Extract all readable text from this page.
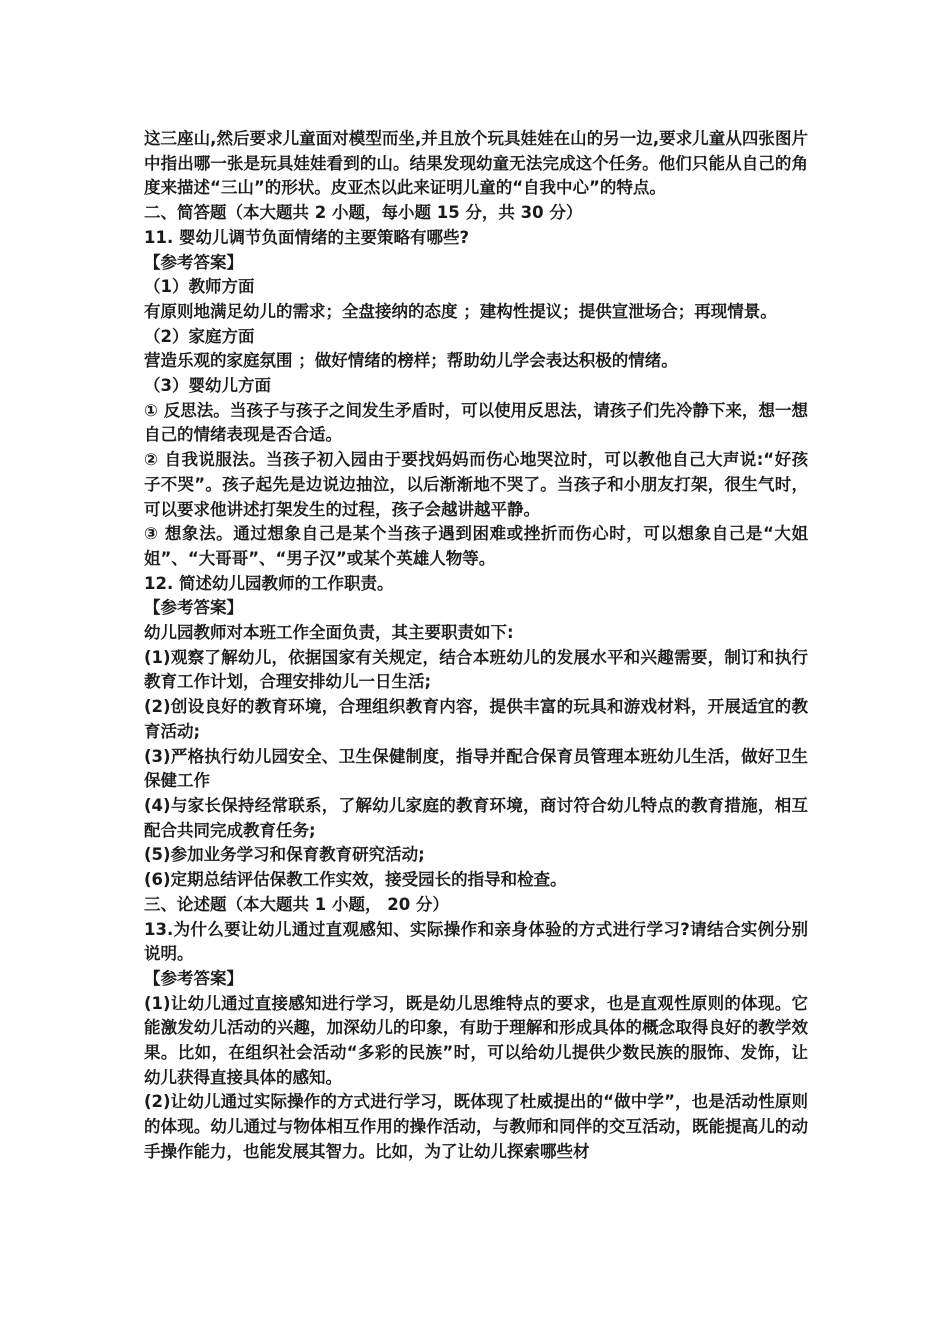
这三座山,然后要求儿童面对模型而坐,并且放个玩具娃娃在山的另一边,要求儿童从四张图片中指出哪一张是玩具娃娃看到的山。结果发现幼童无法完成这个任务。他们只能从自己的角度来描述“三山”的形状。皮亚杰以此来证明儿童的“自我中心”的特点。

二、简答题（本大题共 2 小题，每小题 15 分，共 30 分）

11. 婴幼儿调节负面情绪的主要策略有哪些?

【参考答案】

（1）教师方面

有原则地满足幼儿的需求；全盘接纳的态度 ；建构性提议；提供宣泄场合；再现情景。

（2）家庭方面

营造乐观的家庭氛围 ；做好情绪的榜样；帮助幼儿学会表达积极的情绪。

（3）婴幼儿方面

① 反思法。当孩子与孩子之间发生矛盾时，可以使用反思法，请孩子们先冷静下来，想一想自己的情绪表现是否合适。

② 自我说服法。当孩子初入园由于要找妈妈而伤心地哭泣时，可以教他自己大声说:“好孩子不哭”。孩子起先是边说边抽泣，以后渐渐地不哭了。当孩子和小朋友打架，很生气时，可以要求他讲述打架发生的过程，孩子会越讲越平静。

③ 想象法。通过想象自己是某个当孩子遇到困难或挫折而伤心时，可以想象自己是“大姐姐”、“大哥哥”、“男子汉”或某个英雄人物等。

12. 简述幼儿园教师的工作职责。

【参考答案】

幼儿园教师对本班工作全面负责，其主要职责如下:

(1)观察了解幼儿，依据国家有关规定，结合本班幼儿的发展水平和兴趣需要，制订和执行教育工作计划，合理安排幼儿一日生活;

(2)创设良好的教育环境，合理组织教育内容，提供丰富的玩具和游戏材料，开展适宜的教育活动;

(3)严格执行幼儿园安全、卫生保健制度，指导并配合保育员管理本班幼儿生活，做好卫生保健工作

(4)与家长保持经常联系，了解幼儿家庭的教育环境，商讨符合幼儿特点的教育措施，相互配合共同完成教育任务;

(5)参加业务学习和保育教育研究活动;

(6)定期总结评估保教工作实效，接受园长的指导和检查。

三、论述题（本大题共 1 小题， 20 分）

13.为什么要让幼儿通过直观感知、实际操作和亲身体验的方式进行学习?请结合实例分别说明。

【参考答案】

(1)让幼儿通过直接感知进行学习，既是幼儿思维特点的要求，也是直观性原则的体现。它能激发幼儿活动的兴趣，加深幼儿的印象，有助于理解和形成具体的概念取得良好的教学效果。比如，在组织社会活动“多彩的民族”时，可以给幼儿提供少数民族的服饰、发饰，让幼儿获得直接具体的感知。

(2)让幼儿通过实际操作的方式进行学习，既体现了杜威提出的“做中学”，也是活动性原则的体现。幼儿通过与物体相互作用的操作活动，与教师和同伴的交互活动，既能提高儿的动手操作能力，也能发展其智力。比如，为了让幼儿探索哪些材
